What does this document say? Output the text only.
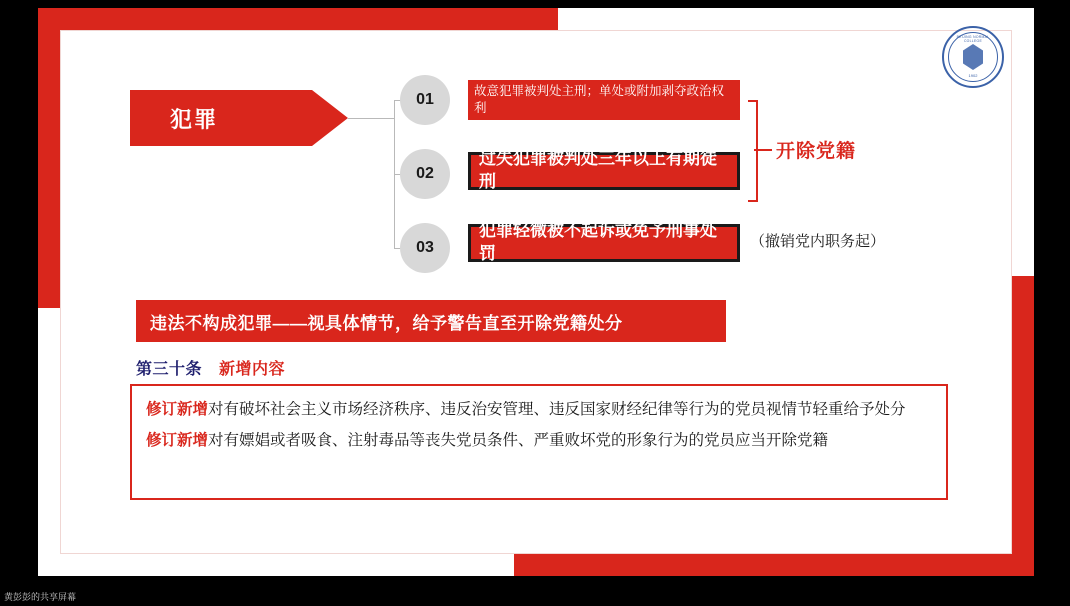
BEIJING NORMAL COLLEGE
1902
犯罪
01
02
03
故意犯罪被判处主刑；单处或附加剥夺政治权利
过失犯罪被判处三年以上有期徒刑
犯罪轻微被不起诉或免予刑事处罚
开除党籍
（撤销党内职务起）
违法不构成犯罪——视具体情节，给予警告直至开除党籍处分
第三十条 新增内容
修订新增对有破坏社会主义市场经济秩序、违反治安管理、违反国家财经纪律等行为的党员视情节轻重给予处分
修订新增对有嫖娼或者吸食、注射毒品等丧失党员条件、严重败坏党的形象行为的党员应当开除党籍
黄彭彭的共享屏幕
